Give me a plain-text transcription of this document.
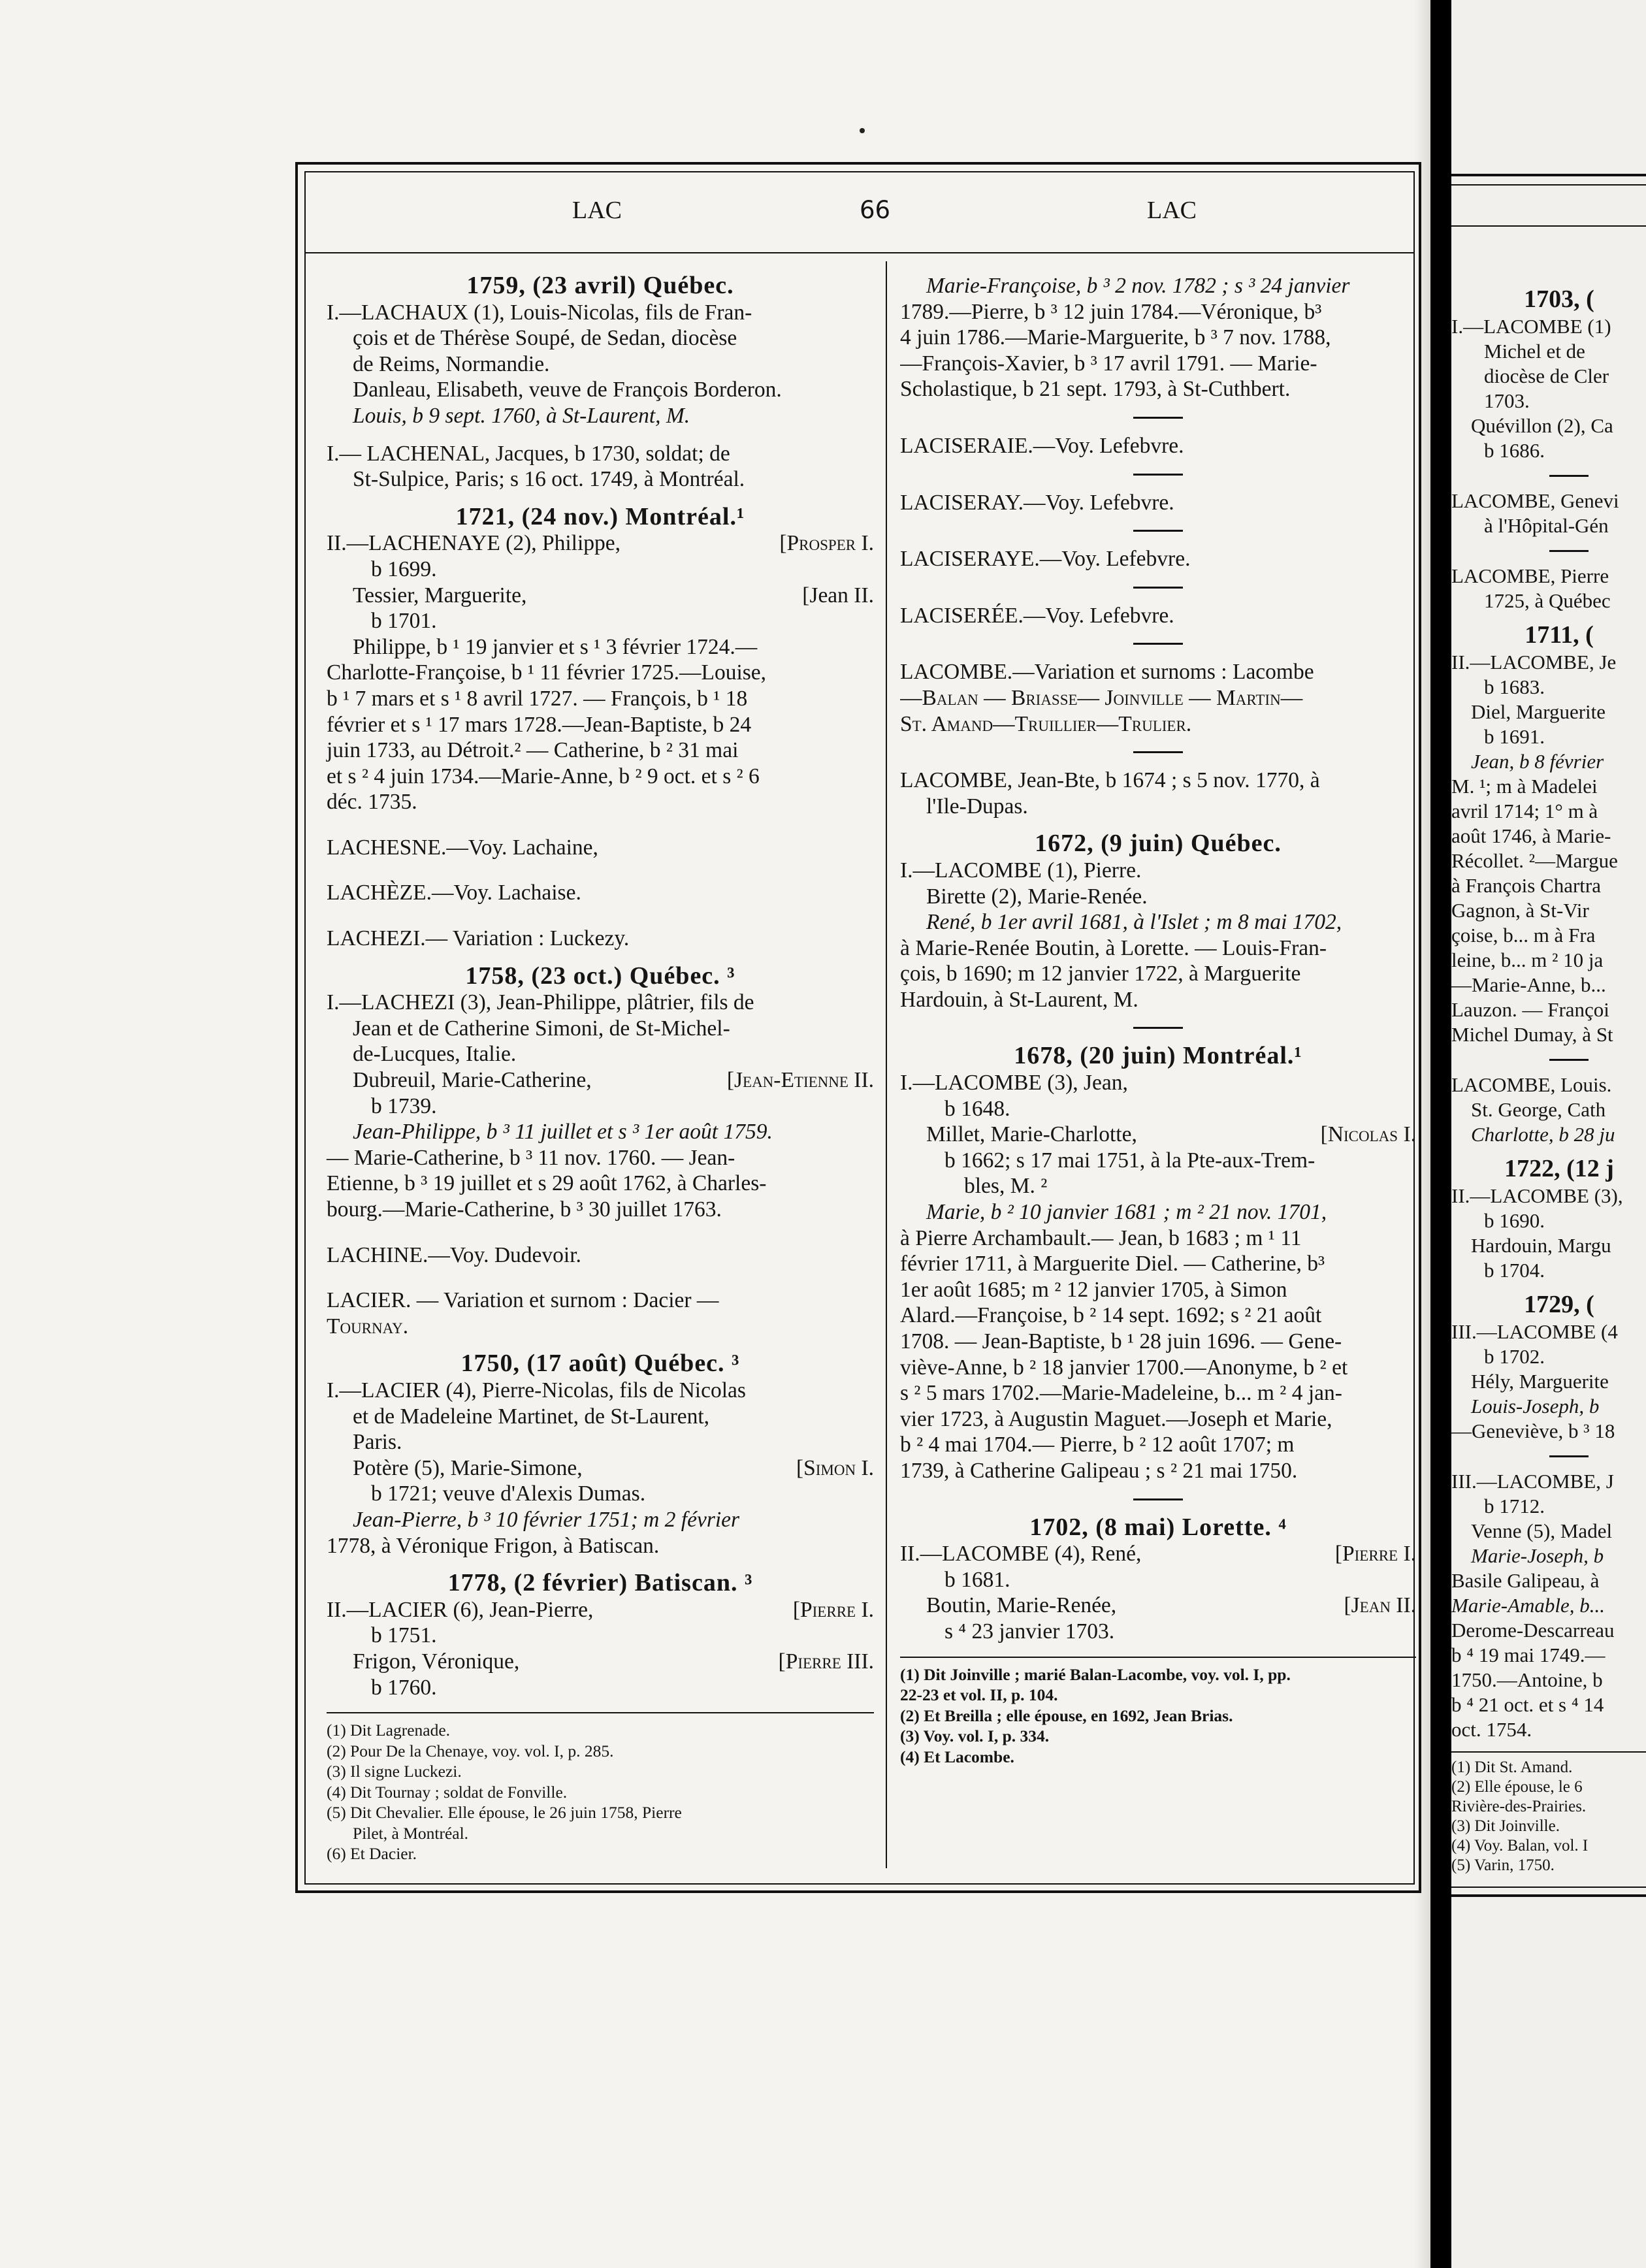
LAC	66	LAC
1759, (23 avril) Québec.
I.—LACHAUX (1), Louis-Nicolas, fils de Fran-
çois et de Thérèse Soupé, de Sedan, diocèse
de Reims, Normandie.
Danleau, Elisabeth, veuve de François Borderon.
Louis, b 9 sept. 1760, à St-Laurent, M.
I.— LACHENAL, Jacques, b 1730, soldat; de
St-Sulpice, Paris; s 16 oct. 1749, à Montréal.
1721, (24 nov.) Montréal.¹
II.—LACHENAYE (2), Philippe,	[Prosper I.
b 1699.
Tessier, Marguerite,	[Jean II.
b 1701.
Philippe, b ¹ 19 janvier et s ¹ 3 février 1724.—
Charlotte-Françoise, b ¹ 11 février 1725.—Louise,
b ¹ 7 mars et s ¹ 8 avril 1727. — François, b ¹ 18
février et s ¹ 17 mars 1728.—Jean-Baptiste, b 24
juin 1733, au Détroit.² — Catherine, b ² 31 mai
et s ² 4 juin 1734.—Marie-Anne, b ² 9 oct. et s ² 6
déc. 1735.
LACHESNE.—Voy. Lachaine,
LACHÈZE.—Voy. Lachaise.
LACHEZI.— Variation : Luckezy.
1758, (23 oct.) Québec. ³
I.—LACHEZI (3), Jean-Philippe, plâtrier, fils de
Jean et de Catherine Simoni, de St-Michel-
de-Lucques, Italie.
Dubreuil, Marie-Catherine,	[Jean-Etienne II.
b 1739.
Jean-Philippe, b ³ 11 juillet et s ³ 1er août 1759.
— Marie-Catherine, b ³ 11 nov. 1760. — Jean-
Etienne, b ³ 19 juillet et s 29 août 1762, à Charles-
bourg.—Marie-Catherine, b ³ 30 juillet 1763.
LACHINE.—Voy. Dudevoir.
LACIER. — Variation et surnom : Dacier —
Tournay.
1750, (17 août) Québec. ³
I.—LACIER (4), Pierre-Nicolas, fils de Nicolas
et de Madeleine Martinet, de St-Laurent,
Paris.
Potère (5), Marie-Simone,	[Simon I.
b 1721; veuve d'Alexis Dumas.
Jean-Pierre, b ³ 10 février 1751; m 2 février
1778, à Véronique Frigon, à Batiscan.
1778, (2 février) Batiscan. ³
II.—LACIER (6), Jean-Pierre,	[Pierre I.
b 1751.
Frigon, Véronique,	[Pierre III.
b 1760.
(1) Dit Lagrenade.
(2) Pour De la Chenaye, voy. vol. I, p. 285.
(3) Il signe Luckezi.
(4) Dit Tournay ; soldat de Fonville.
(5) Dit Chevalier. Elle épouse, le 26 juin 1758, Pierre
Pilet, à Montréal.
(6) Et Dacier.
Marie-Françoise, b ³ 2 nov. 1782 ; s ³ 24 janvier
1789.—Pierre, b ³ 12 juin 1784.—Véronique, b³
4 juin 1786.—Marie-Marguerite, b ³ 7 nov. 1788,
—François-Xavier, b ³ 17 avril 1791. — Marie-
Scholastique, b 21 sept. 1793, à St-Cuthbert.
LACISERAIE.—Voy. Lefebvre.
LACISERAY.—Voy. Lefebvre.
LACISERAYE.—Voy. Lefebvre.
LACISERÉE.—Voy. Lefebvre.
LACOMBE.—Variation et surnoms : Lacombe
—Balan — Briasse— Joinville — Martin—
St. Amand—Truillier—Trulier.
LACOMBE, Jean-Bte, b 1674 ; s 5 nov. 1770, à
l'Ile-Dupas.
1672, (9 juin) Québec.
I.—LACOMBE (1), Pierre.
Birette (2), Marie-Renée.
René, b 1er avril 1681, à l'Islet ; m 8 mai 1702,
à Marie-Renée Boutin, à Lorette. — Louis-Fran-
çois, b 1690; m 12 janvier 1722, à Marguerite
Hardouin, à St-Laurent, M.
1678, (20 juin) Montréal.¹
I.—LACOMBE (3), Jean,
b 1648.
Millet, Marie-Charlotte,	[Nicolas I.
b 1662; s 17 mai 1751, à la Pte-aux-Trem-
bles, M. ²
Marie, b ² 10 janvier 1681 ; m ² 21 nov. 1701,
à Pierre Archambault.— Jean, b 1683 ; m ¹ 11
février 1711, à Marguerite Diel. — Catherine, b³
1er août 1685; m ² 12 janvier 1705, à Simon
Alard.—Françoise, b ² 14 sept. 1692; s ² 21 août
1708. — Jean-Baptiste, b ¹ 28 juin 1696. — Gene-
viève-Anne, b ² 18 janvier 1700.—Anonyme, b ² et
s ² 5 mars 1702.—Marie-Madeleine, b... m ² 4 jan-
vier 1723, à Augustin Maguet.—Joseph et Marie,
b ² 4 mai 1704.— Pierre, b ² 12 août 1707; m
1739, à Catherine Galipeau ; s ² 21 mai 1750.
1702, (8 mai) Lorette. ⁴
II.—LACOMBE (4), René,	[Pierre I.
b 1681.
Boutin, Marie-Renée,	[Jean II.
s ⁴ 23 janvier 1703.
(1) Dit Joinville ; marié Balan-Lacombe, voy. vol. I, pp.
22-23 et vol. II, p. 104.
(2) Et Breilla ; elle épouse, en 1692, Jean Brias.
(3) Voy. vol. I, p. 334.
(4) Et Lacombe.
1703, (
I.—LACOMBE (1)
Michel et de
diocèse de Cler
1703.
Quévillon (2), Ca
b 1686.
LACOMBE, Genevi
à l'Hôpital-Gén
LACOMBE, Pierre
1725, à Québec
1711, (
II.—LACOMBE, Je
b 1683.
Diel, Marguerite
b 1691.
Jean, b 8 février
M. ¹; m à Madelei
avril 1714; 1° m à
août 1746, à Marie-
Récollet. ²—Margue
à François Chartra
Gagnon, à St-Vir
çoise, b... m à Fra
leine, b... m ² 10 ja
—Marie-Anne, b...
Lauzon. — Françoi
Michel Dumay, à St
LACOMBE, Louis.
St. George, Cath
Charlotte, b 28 ju
1722, (12 j
II.—LACOMBE (3),
b 1690.
Hardouin, Margu
b 1704.
1729, (
III.—LACOMBE (4
b 1702.
Hély, Marguerite
Louis-Joseph, b
—Geneviève, b ³ 18
III.—LACOMBE, J
b 1712.
Venne (5), Madel
Marie-Joseph, b
Basile Galipeau, à
Marie-Amable, b...
Derome-Descarreau
b ⁴ 19 mai 1749.—
1750.—Antoine, b
b ⁴ 21 oct. et s ⁴ 14
oct. 1754.
(1) Dit St. Amand.
(2) Elle épouse, le 6
Rivière-des-Prairies.
(3) Dit Joinville.
(4) Voy. Balan, vol. I
(5) Varin, 1750.
